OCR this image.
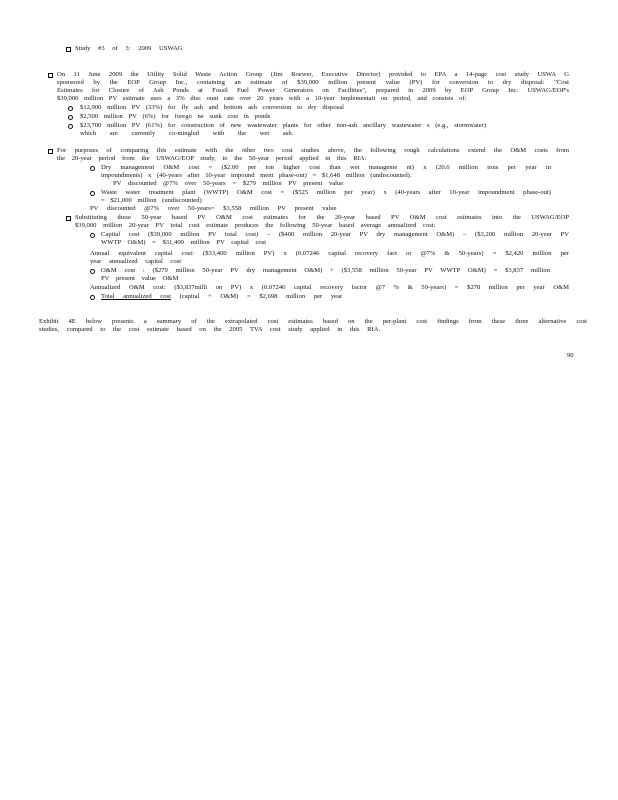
Study #3 of 3: 2009 USWAG
On 11 June 2009 the Utility Solid Waste Action Group (Jim Roewer, Executive Director) provided to EPA a 14-page cost study USWA G
sponsored by the EOP Group Inc., containing an estimate of $39,000 million present value (PV) for conversion to dry disposal: "Cost
Estimates for Closure of Ash Ponds at Fossil Fuel Power Generators on Facilities", prepared in 2009 by EOP Group Inc. USWAG/EOP's
$39,000 million PV estimate uses a 3% disc ount rate over 20 years with a 10-year implementati on period, and consists of:
$12,900 million PV (33%) for fly ash and bottom ash conversion to dry disposal
$2,500 million PV (6%) for forego ne sunk cost in ponds
$23,700 million PV (61%) for construction of new wastewater plants for other non-ash ancillary wastewater s (e.g., stormwater)
which are currently co-mingled with the wet ash.
For purposes of comparing this estimate with the other two cost studies above, the following rough calculations extend the O&M costs from
the 20-year period from the USWAG/EOP study, to the 50-year period applied in this RIA:
Dry management O&M cost = ($2.00 per ton higher cost than wet manageme nt) x (20.6 million tons per year in
impoundments) x (40-years after 10-year impound ment phase-out) = $1,648 million (undiscounted).
PV discounted @7% over 50-years = $279 million PV present value
Waste water treatment plant (WWTP) O&M cost = ($525 million per year) x (40-years after 10-year impoundment phase-out)
= $21,000 million (undiscounted)
PV discounted @7% over 50-years= $3,558 million PV present value
Substituting these 50-year based PV O&M cost estimates for the 20-year based PV O&M cost estimates into the USWAG/EOP
$39,000 million 20-year PV total cost estimate produces the following 50-year based average annualized cost:
Capital cost ($39,000 million PV total cost) – ($400 million 20-year PV dry management O&M) – ($3,200 million 20-year PV
WWTP O&M) = $31,400 million PV capital cost
Annual equivalent capital cost: ($33,400 million PV) x (0.07246 capital recovery fact or @7% & 50-years) = $2,420 million per
year annualized capital cost
O&M cost : ($279 million 50-year PV dry management O&M) + ($3,558 million 50-year PV WWTP O&M) = $3,837 million
PV present value O&M
Annualized O&M cost: ($3,837milli on PV) x (0.07246 capital recovery factor @7 % & 50-years) = $278 million per year O&M
Total annualized cost (capital + O&M) = $2,698 million per year
Exhibit 4E below presents a summary of the extrapolated cost estimates based on the per-plant cost findings from these three alternative cost
studies, compared to the cost estimate based on the 2005 TVA cost study applied in this RIA.
90
